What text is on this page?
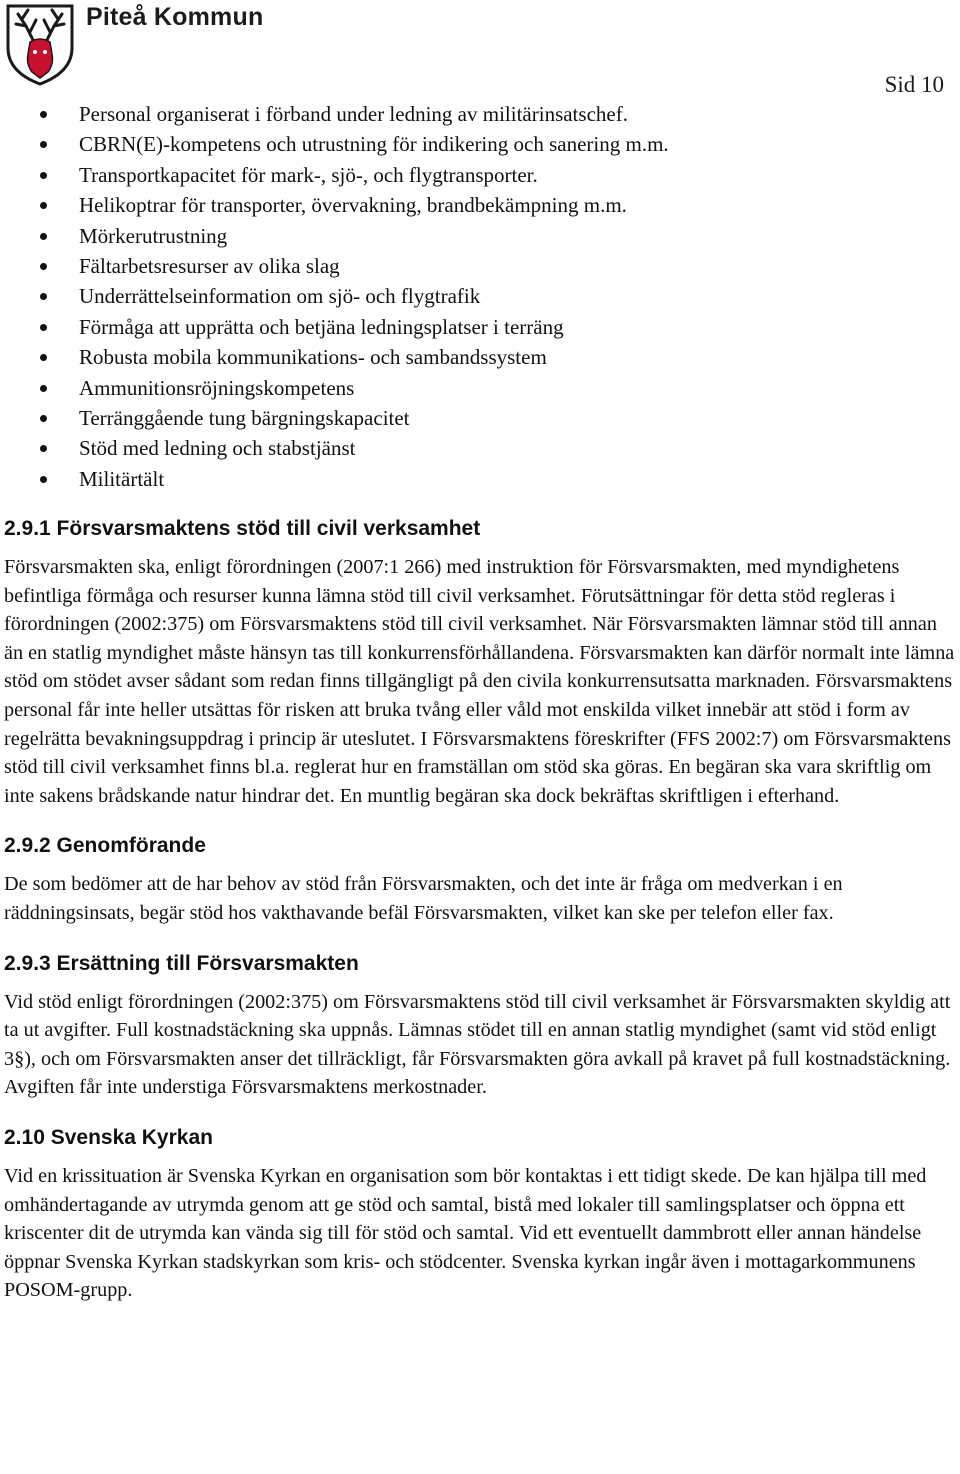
Piteå Kommun
Sid 10
Personal organiserat i förband under ledning av militärinsatschef.
CBRN(E)-kompetens och utrustning för indikering och sanering m.m.
Transportkapacitet för mark-, sjö-, och flygtransporter.
Helikoptrar för transporter, övervakning, brandbekämpning m.m.
Mörkerutrustning
Fältarbetsresurser av olika slag
Underrättelseinformation om sjö- och flygtrafik
Förmåga att upprätta och betjäna ledningsplatser i terräng
Robusta mobila kommunikations- och sambandssystem
Ammunitionsröjningskompetens
Terränggående tung bärgningskapacitet
Stöd med ledning och stabstjänst
Militärtält
2.9.1 Försvarsmaktens stöd till civil verksamhet

Försvarsmakten ska, enligt förordningen (2007:1 266) med instruktion för Försvarsmakten, med myndighetens befintliga förmåga och resurser kunna lämna stöd till civil verksamhet. Förutsättningar för detta stöd regleras i förordningen (2002:375) om Försvarsmaktens stöd till civil verksamhet. När Försvarsmakten lämnar stöd till annan än en statlig myndighet måste hänsyn tas till konkurrensförhållandena. Försvarsmakten kan därför normalt inte lämna stöd om stödet avser sådant som redan finns tillgängligt på den civila konkurrensutsatta marknaden. Försvarsmaktens personal får inte heller utsättas för risken att bruka tvång eller våld mot enskilda vilket innebär att stöd i form av regelrätta bevakningsuppdrag i princip är uteslutet. I Försvarsmaktens föreskrifter (FFS 2002:7) om Försvarsmaktens stöd till civil verksamhet finns bl.a. reglerat hur en framställan om stöd ska göras. En begäran ska vara skriftlig om inte sakens brådskande natur hindrar det. En muntlig begäran ska dock bekräftas skriftligen i efterhand.

2.9.2 Genomförande

De som bedömer att de har behov av stöd från Försvarsmakten, och det inte är fråga om medverkan i en räddningsinsats, begär stöd hos vakthavande befäl Försvarsmakten, vilket kan ske per telefon eller fax.

2.9.3 Ersättning till Försvarsmakten

Vid stöd enligt förordningen (2002:375) om Försvarsmaktens stöd till civil verksamhet är Försvarsmakten skyldig att ta ut avgifter. Full kostnadstäckning ska uppnås. Lämnas stödet till en annan statlig myndighet (samt vid stöd enligt 3§), och om Försvarsmakten anser det tillräckligt, får Försvarsmakten göra avkall på kravet på full kostnadstäckning. Avgiften får inte understiga Försvarsmaktens merkostnader.

2.10 Svenska Kyrkan

Vid en krissituation är Svenska Kyrkan en organisation som bör kontaktas i ett tidigt skede. De kan hjälpa till med omhändertagande av utrymda genom att ge stöd och samtal, bistå med lokaler till samlingsplatser och öppna ett kriscenter dit de utrymda kan vända sig till för stöd och samtal. Vid ett eventuellt dammbrott eller annan händelse öppnar Svenska Kyrkan stadskyrkan som kris- och stödcenter. Svenska kyrkan ingår även i mottagarkommunens POSOM-grupp.
